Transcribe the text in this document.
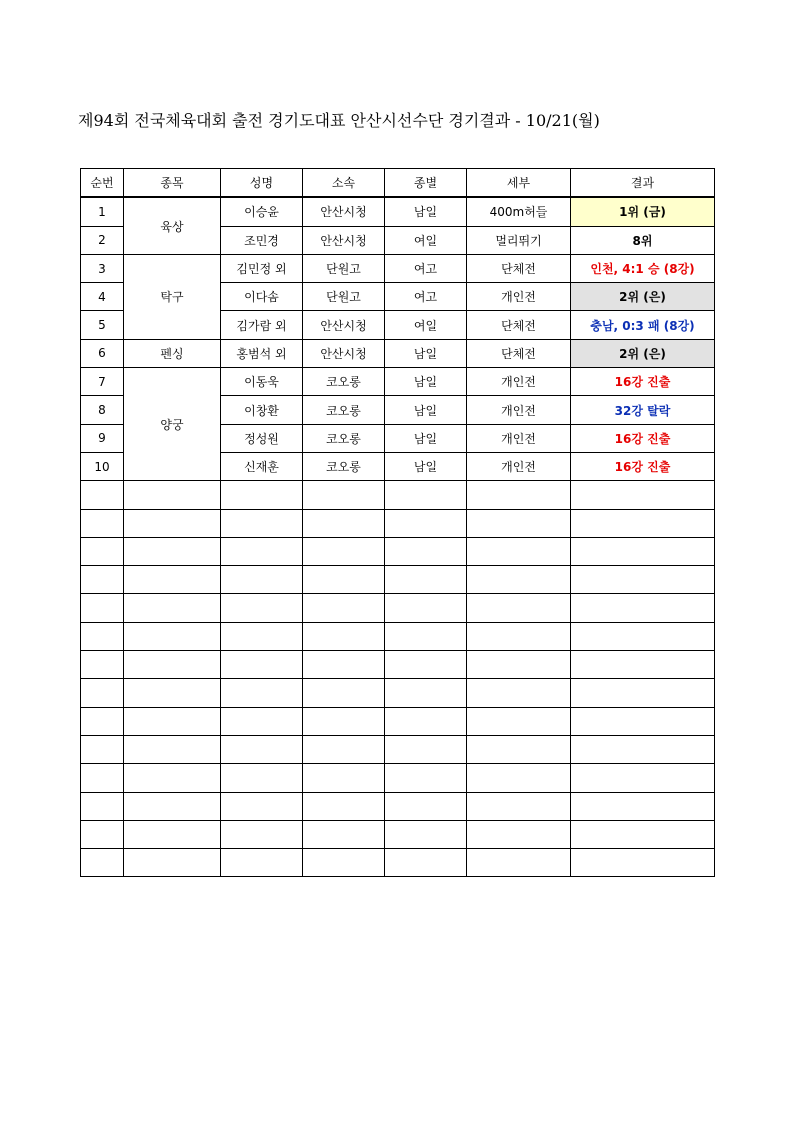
제94회 전국체육대회 출전 경기도대표 안산시선수단 경기결과 - 10/21(월)
순번	종목	성명	소속	종별	세부	결과
1	육상	이승윤	안산시청	남일	400m허들	1위 (금)
2		조민경	안산시청	여일	멀리뛰기	8위
3	탁구	김민정 외	단원고	여고	단체전	인천, 4:1 승 (8강)
4		이다솜	단원고	여고	개인전	2위 (은)
5		김가람 외	안산시청	여일	단체전	충남, 0:3 패 (8강)
6	펜싱	홍범석 외	안산시청	남일	단체전	2위 (은)
7	양궁	이동욱	코오롱	남일	개인전	16강 진출
8		이창환	코오롱	남일	개인전	32강 탈락
9		정성원	코오롱	남일	개인전	16강 진출
10		신재훈	코오롱	남일	개인전	16강 진출
